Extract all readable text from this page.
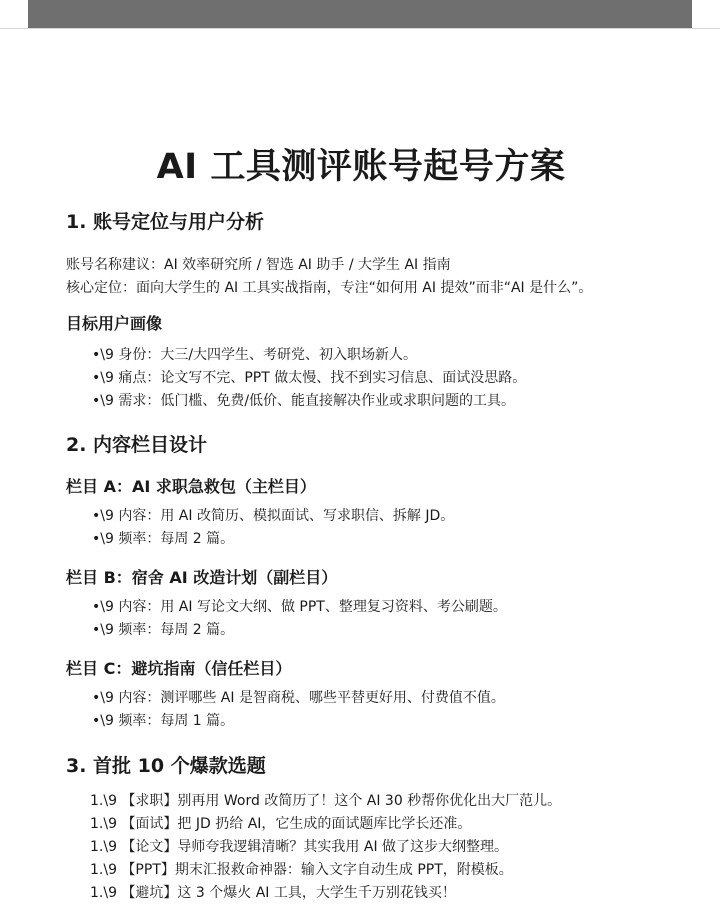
AI 工具测评账号起号方案
1. 账号定位与用户分析

账号名称建议：AI 效率研究所 / 智选 AI 助手 / 大学生 AI 指南

核心定位：面向大学生的 AI 工具实战指南，专注“如何用 AI 提效”而非“AI 是什么”。

目标用户画像
•\9 身份：大三/大四学生、考研党、初入职场新人。
•\9 痛点：论文写不完、PPT 做太慢、找不到实习信息、面试没思路。
•\9 需求：低门槛、免费/低价、能直接解决作业或求职问题的工具。
2. 内容栏目设计
栏目 A：AI 求职急救包（主栏目）
•\9 内容：用 AI 改简历、模拟面试、写求职信、拆解 JD。
•\9 频率：每周 2 篇。
栏目 B：宿舍 AI 改造计划（副栏目）
•\9 内容：用 AI 写论文大纲、做 PPT、整理复习资料、考公刷题。
•\9 频率：每周 2 篇。
栏目 C：避坑指南（信任栏目）
•\9 内容：测评哪些 AI 是智商税、哪些平替更好用、付费值不值。
•\9 频率：每周 1 篇。
3. 首批 10 个爆款选题
1.\9 【求职】别再用 Word 改简历了！这个 AI 30 秒帮你优化出大厂范儿。
1.\9 【面试】把 JD 扔给 AI，它生成的面试题库比学长还准。
1.\9 【论文】导师夸我逻辑清晰？其实我用 AI 做了这步大纲整理。
1.\9 【PPT】期末汇报救命神器：输入文字自动生成 PPT，附模板。
1.\9 【避坑】这 3 个爆火 AI 工具，大学生千万别花钱买！
